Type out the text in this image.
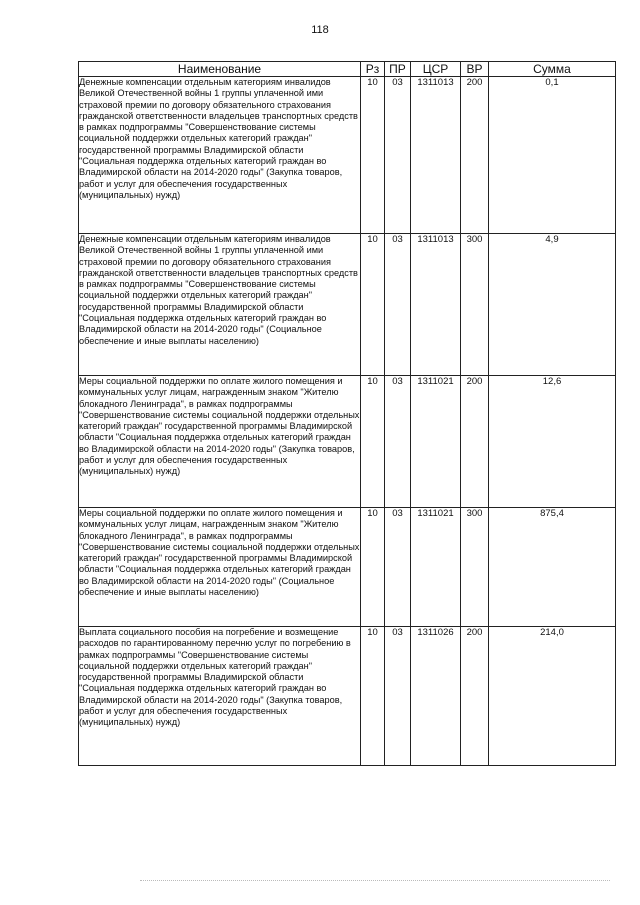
118
Наименование	Рз	ПР	ЦСР	ВР	Сумма
Денежные компенсации отдельным категориям инвалидов Великой Отечественной войны 1 группы уплаченной ими страховой премии по договору обязательного страхования гражданской ответственности владельцев транспортных средств в рамках подпрограммы "Совершенствование системы социальной поддержки отдельных категорий граждан" государственной программы Владимирской области "Социальная поддержка отдельных категорий граждан во Владимирской области на 2014-2020 годы" (Закупка товаров, работ и услуг для обеспечения государственных (муниципальных) нужд)	10	03	1311013	200	0,1
Денежные компенсации отдельным категориям инвалидов Великой Отечественной войны 1 группы уплаченной ими страховой премии по договору обязательного страхования гражданской ответственности владельцев транспортных средств в рамках подпрограммы "Совершенствование системы социальной поддержки отдельных категорий граждан" государственной программы Владимирской области "Социальная поддержка отдельных категорий граждан во Владимирской области на 2014-2020 годы" (Социальное обеспечение и иные выплаты населению)	10	03	1311013	300	4,9
Меры социальной поддержки по оплате жилого помещения и коммунальных услуг лицам, награжденным знаком "Жителю блокадного Ленинграда", в рамках подпрограммы "Совершенствование системы социальной поддержки отдельных категорий граждан" государственной программы Владимирской области "Социальная поддержка отдельных категорий граждан во Владимирской области на 2014-2020 годы" (Закупка товаров, работ и услуг для обеспечения государственных (муниципальных) нужд)	10	03	1311021	200	12,6
Меры социальной поддержки по оплате жилого помещения и коммунальных услуг лицам, награжденным знаком "Жителю блокадного Ленинграда", в рамках подпрограммы "Совершенствование системы социальной поддержки отдельных категорий граждан" государственной программы Владимирской области "Социальная поддержка отдельных категорий граждан во Владимирской области на 2014-2020 годы" (Социальное обеспечение и иные выплаты населению)	10	03	1311021	300	875,4
Выплата социального пособия на погребение и возмещение расходов по гарантированному перечню услуг по погребению в рамках подпрограммы "Совершенствование системы социальной поддержки отдельных категорий граждан" государственной программы Владимирской области "Социальная поддержка отдельных категорий граждан во Владимирской области на 2014-2020 годы" (Закупка товаров, работ и услуг для обеспечения государственных (муниципальных) нужд)	10	03	1311026	200	214,0
